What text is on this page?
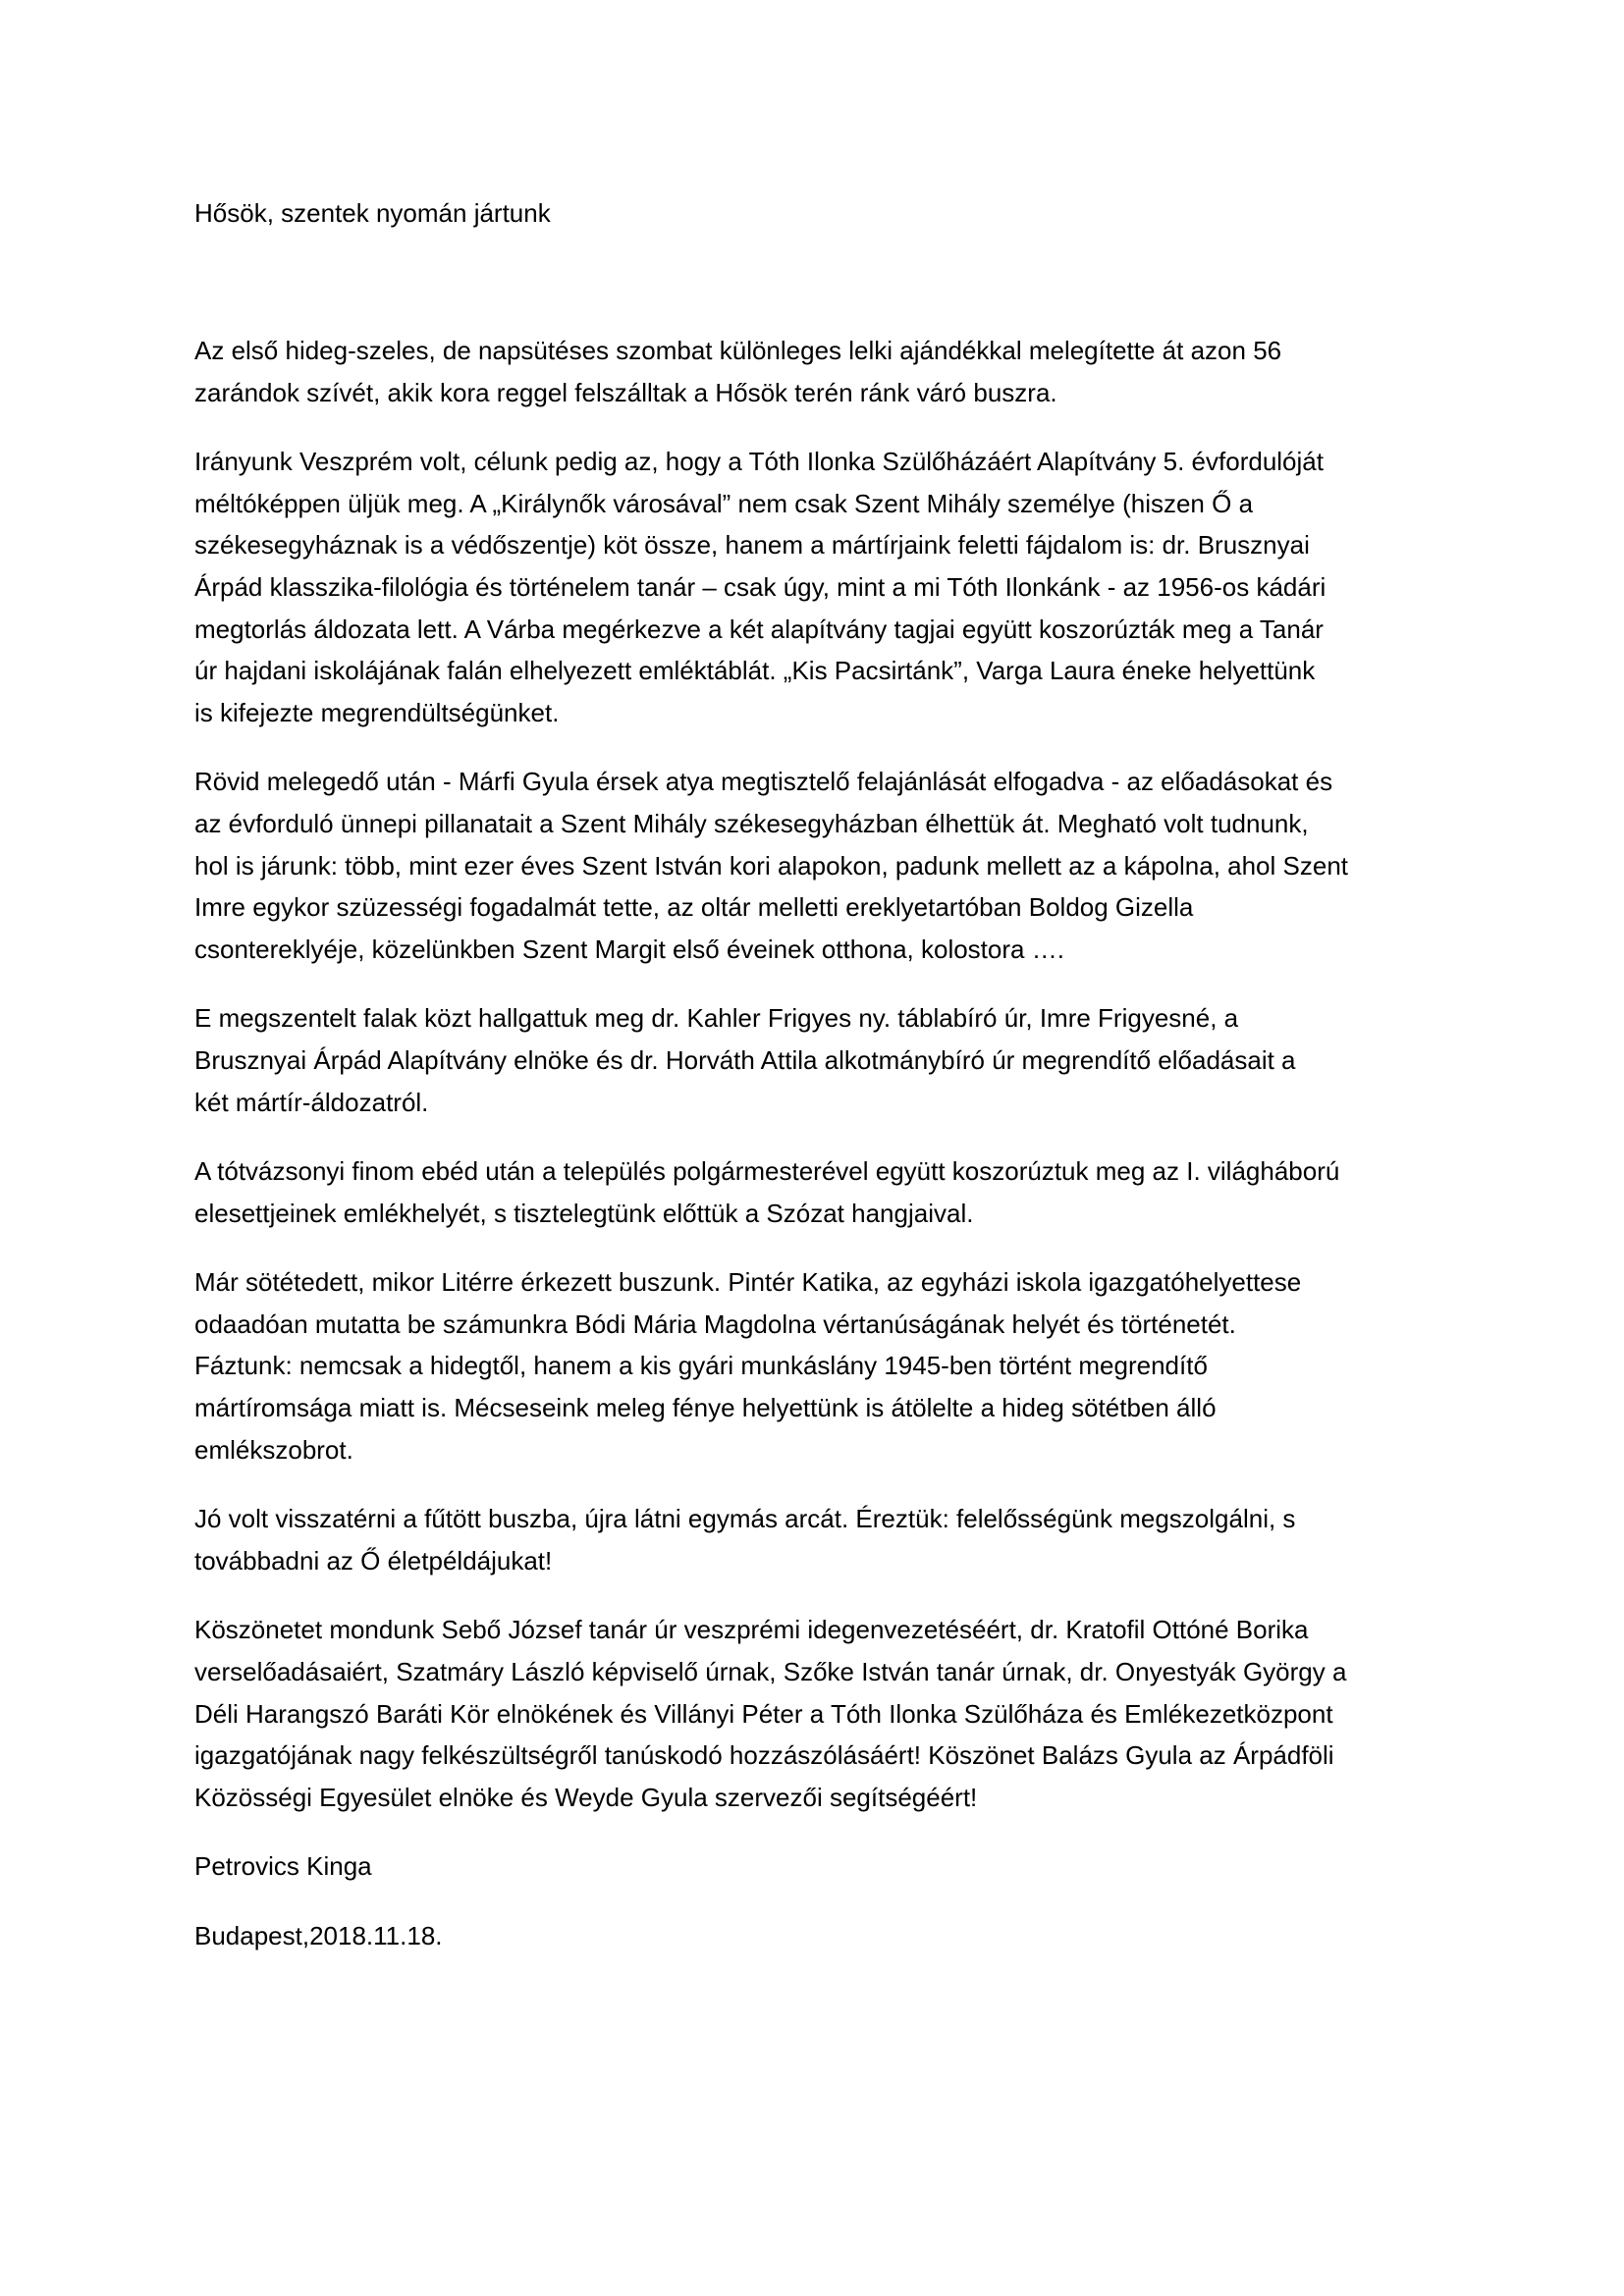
Hősök, szentek nyomán jártunk

Az első hideg-szeles, de napsütéses szombat különleges lelki ajándékkal melegítette át azon 56
zarándok szívét, akik kora reggel felszálltak a Hősök terén ránk váró buszra.

Irányunk Veszprém volt, célunk pedig az, hogy a Tóth Ilonka Szülőházáért Alapítvány 5. évfordulóját
méltóképpen üljük meg. A „Királynők városával” nem csak Szent Mihály személye (hiszen Ő a
székesegyháznak is a védőszentje) köt össze, hanem a mártírjaink feletti fájdalom is: dr. Brusznyai
Árpád klasszika-filológia és történelem tanár – csak úgy, mint a mi Tóth Ilonkánk - az 1956-os kádári
megtorlás áldozata lett. A Várba megérkezve a két alapítvány tagjai együtt koszorúzták meg a Tanár
úr hajdani iskolájának falán elhelyezett emléktáblát. „Kis Pacsirtánk”, Varga Laura éneke helyettünk
is kifejezte megrendültségünket.

Rövid melegedő után - Márfi Gyula érsek atya megtisztelő felajánlását elfogadva - az előadásokat és
az évforduló ünnepi pillanatait a Szent Mihály székesegyházban élhettük át. Megható volt tudnunk,
hol is járunk: több, mint ezer éves Szent István kori alapokon, padunk mellett az a kápolna, ahol Szent
Imre egykor szüzességi fogadalmát tette, az oltár melletti ereklyetartóban Boldog Gizella
csontereklyéje, közelünkben Szent Margit első éveinek otthona, kolostora ….

E megszentelt falak közt hallgattuk meg dr. Kahler Frigyes ny. táblabíró úr, Imre Frigyesné, a
Brusznyai Árpád Alapítvány elnöke és dr. Horváth Attila alkotmánybíró úr megrendítő előadásait a
két mártír-áldozatról.

A tótvázsonyi finom ebéd után a település polgármesterével együtt koszorúztuk meg az I. világháború
elesettjeinek emlékhelyét, s tisztelegtünk előttük a Szózat hangjaival.

Már sötétedett, mikor Litérre érkezett buszunk. Pintér Katika, az egyházi iskola igazgatóhelyettese
odaadóan mutatta be számunkra Bódi Mária Magdolna vértanúságának helyét és történetét.
Fáztunk: nemcsak a hidegtől, hanem a kis gyári munkáslány 1945-ben történt megrendítő
mártíromsága miatt is. Mécseseink meleg fénye helyettünk is átölelte a hideg sötétben álló
emlékszobrot.

Jó volt visszatérni a fűtött buszba, újra látni egymás arcát. Éreztük: felelősségünk megszolgálni, s
továbbadni az Ő életpéldájukat!

Köszönetet mondunk Sebő József tanár úr veszprémi idegenvezetéséért, dr. Kratofil Ottóné Borika
verselőadásaiért, Szatmáry László képviselő úrnak, Szőke István tanár úrnak, dr. Onyestyák György a
Déli Harangszó Baráti Kör elnökének és Villányi Péter a Tóth Ilonka Szülőháza és Emlékezetközpont
igazgatójának nagy felkészültségről tanúskodó hozzászólásáért! Köszönet Balázs Gyula az Árpádföli
Közösségi Egyesület elnöke és Weyde Gyula szervezői segítségéért!

Petrovics Kinga

Budapest,2018.11.18.
